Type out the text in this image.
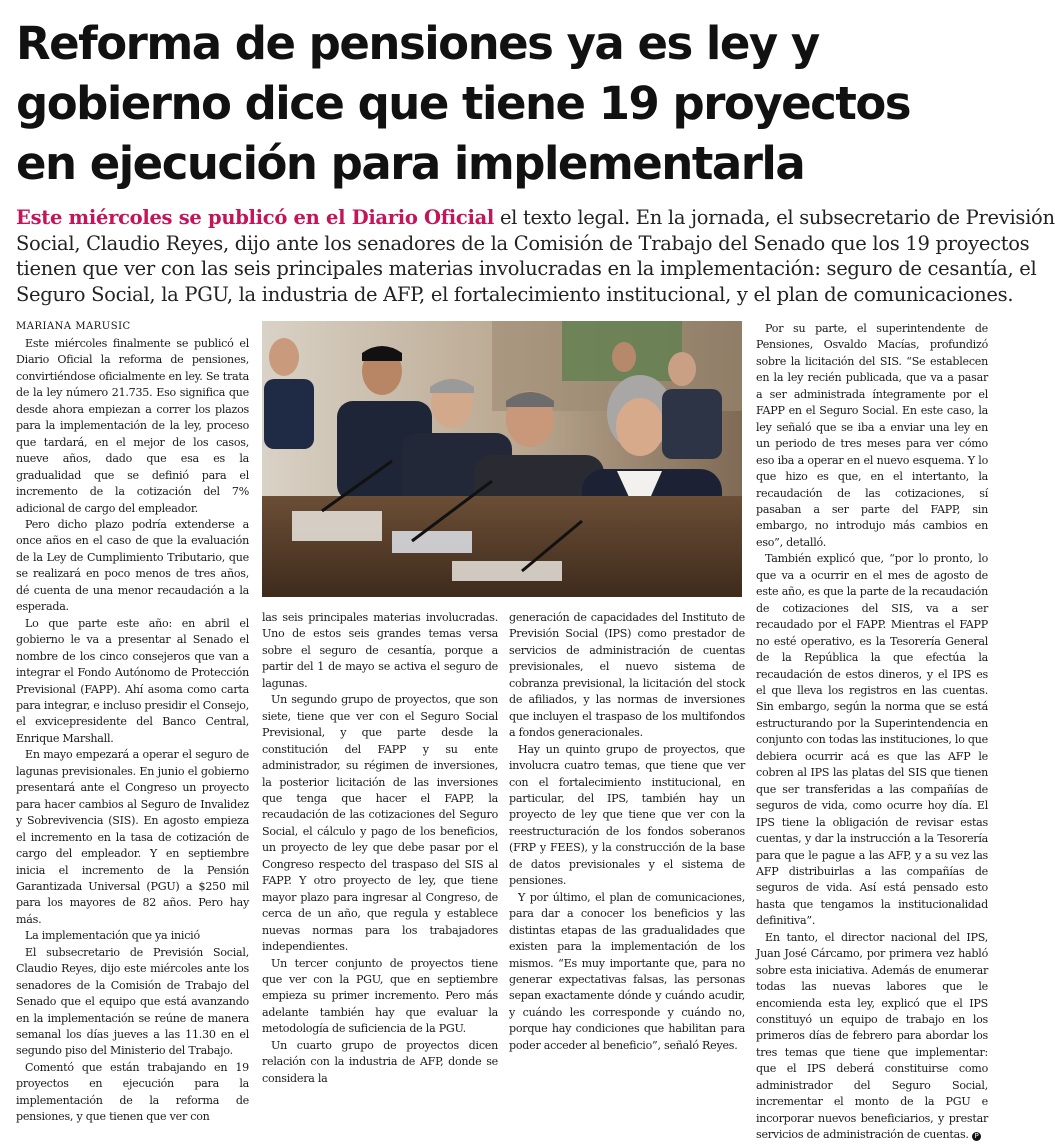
Reforma de pensiones ya es ley y
gobierno dice que tiene 19 proyectos
en ejecución para implementarla
Este miércoles se publicó en el Diario Oficial el texto legal. En la jornada, el subsecretario de Previsión
Social, Claudio Reyes, dijo ante los senadores de la Comisión de Trabajo del Senado que los 19 proyectos
tienen que ver con las seis principales materias involucradas en la implementación: seguro de cesantía, el
Seguro Social, la PGU, la industria de AFP, el fortalecimiento institucional, y el plan de comunicaciones.
MARIANA MARUSIC

Este miércoles finalmente se publicó el Diario Oficial la reforma de pensiones, convirtiéndose oficialmente en ley. Se trata de la ley número 21.735. Eso significa que desde ahora empiezan a correr los plazos para la implementación de la ley, proceso que tardará, en el mejor de los casos, nueve años, dado que esa es la gradualidad que se definió para el incremento de la cotización del 7% adicional de cargo del empleador.

Pero dicho plazo podría extenderse a once años en el caso de que la evaluación de la Ley de Cumplimiento Tributario, que se realizará en poco menos de tres años, dé cuenta de una menor recaudación a la esperada.

Lo que parte este año: en abril el gobierno le va a presentar al Senado el nombre de los cinco consejeros que van a integrar el Fondo Autónomo de Protección Previsional (FAPP). Ahí asoma como carta para integrar, e incluso presidir el Consejo, el exvicepresidente del Banco Central, Enrique Marshall.

En mayo empezará a operar el seguro de lagunas previsionales. En junio el gobierno presentará ante el Congreso un proyecto para hacer cambios al Seguro de Invalidez y Sobrevivencia (SIS). En agosto empieza el incremento en la tasa de cotización de cargo del empleador. Y en septiembre inicia el incremento de la Pensión Garantizada Universal (PGU) a $250 mil para los mayores de 82 años. Pero hay más.

La implementación que ya inició

El subsecretario de Previsión Social, Claudio Reyes, dijo este miércoles ante los senadores de la Comisión de Trabajo del Senado que el equipo que está avanzando en la implementación se reúne de manera semanal los días jueves a las 11.30 en el segundo piso del Ministerio del Trabajo.

Comentó que están trabajando en 19 proyectos en ejecución para la implementación de la reforma de pensiones, y que tienen que ver con

las seis principales materias involucradas. Uno de estos seis grandes temas versa sobre el seguro de cesantía, porque a partir del 1 de mayo se activa el seguro de lagunas.

Un segundo grupo de proyectos, que son siete, tiene que ver con el Seguro Social Previsional, y que parte desde la constitución del FAPP y su ente administrador, su régimen de inversiones, la posterior licitación de las inversiones que tenga que hacer el FAPP, la recaudación de las cotizaciones del Seguro Social, el cálculo y pago de los beneficios, un proyecto de ley que debe pasar por el Congreso respecto del traspaso del SIS al FAPP. Y otro proyecto de ley, que tiene mayor plazo para ingresar al Congreso, de cerca de un año, que regula y establece nuevas normas para los trabajadores independientes.

Un tercer conjunto de proyectos tiene que ver con la PGU, que en septiembre empieza su primer incremento. Pero más adelante también hay que evaluar la metodología de suficiencia de la PGU.

Un cuarto grupo de proyectos dicen relación con la industria de AFP, donde se considera la

generación de capacidades del Instituto de Previsión Social (IPS) como prestador de servicios de administración de cuentas previsionales, el nuevo sistema de cobranza previsional, la licitación del stock de afiliados, y las normas de inversiones que incluyen el traspaso de los multifondos a fondos generacionales.

Hay un quinto grupo de proyectos, que involucra cuatro temas, que tiene que ver con el fortalecimiento institucional, en particular, del IPS, también hay un proyecto de ley que tiene que ver con la reestructuración de los fondos soberanos (FRP y FEES), y la construcción de la base de datos previsionales y el sistema de pensiones.

Y por último, el plan de comunicaciones, para dar a conocer los beneficios y las distintas etapas de las gradualidades que existen para la implementación de los mismos. “Es muy importante que, para no generar expectativas falsas, las personas sepan exactamente dónde y cuándo acudir, y cuándo les corresponde y cuándo no, porque hay condiciones que habilitan para poder acceder al beneficio”, señaló Reyes.

Por su parte, el superintendente de Pensiones, Osvaldo Macías, profundizó sobre la licitación del SIS. “Se establecen en la ley recién publicada, que va a pasar a ser administrada íntegramente por el FAPP en el Seguro Social. En este caso, la ley señaló que se iba a enviar una ley en un periodo de tres meses para ver cómo eso iba a operar en el nuevo esquema. Y lo que hizo es que, en el intertanto, la recaudación de las cotizaciones, sí pasaban a ser parte del FAPP, sin embargo, no introdujo más cambios en eso”, detalló.

También explicó que, “por lo pronto, lo que va a ocurrir en el mes de agosto de este año, es que la parte de la recaudación de cotizaciones del SIS, va a ser recaudado por el FAPP. Mientras el FAPP no esté operativo, es la Tesorería General de la República la que efectúa la recaudación de estos dineros, y el IPS es el que lleva los registros en las cuentas. Sin embargo, según la norma que se está estructurando por la Superintendencia en conjunto con todas las instituciones, lo que debiera ocurrir acá es que las AFP le cobren al IPS las platas del SIS que tienen que ser transferidas a las compañías de seguros de vida, como ocurre hoy día. El IPS tiene la obligación de revisar estas cuentas, y dar la instrucción a la Tesorería para que le pague a las AFP, y a su vez las AFP distribuirlas a las compañías de seguros de vida. Así está pensado esto hasta que tengamos la institucionalidad definitiva”.

En tanto, el director nacional del IPS, Juan José Cárcamo, por primera vez habló sobre esta iniciativa. Además de enumerar todas las nuevas labores que le encomienda esta ley, explicó que el IPS constituyó un equipo de trabajo en los primeros días de febrero para abordar los tres temas que tiene que implementar: que el IPS deberá constituirse como administrador del Seguro Social, incrementar el monto de la PGU e incorporar nuevos beneficiarios, y prestar servicios de administración de cuentas. P
